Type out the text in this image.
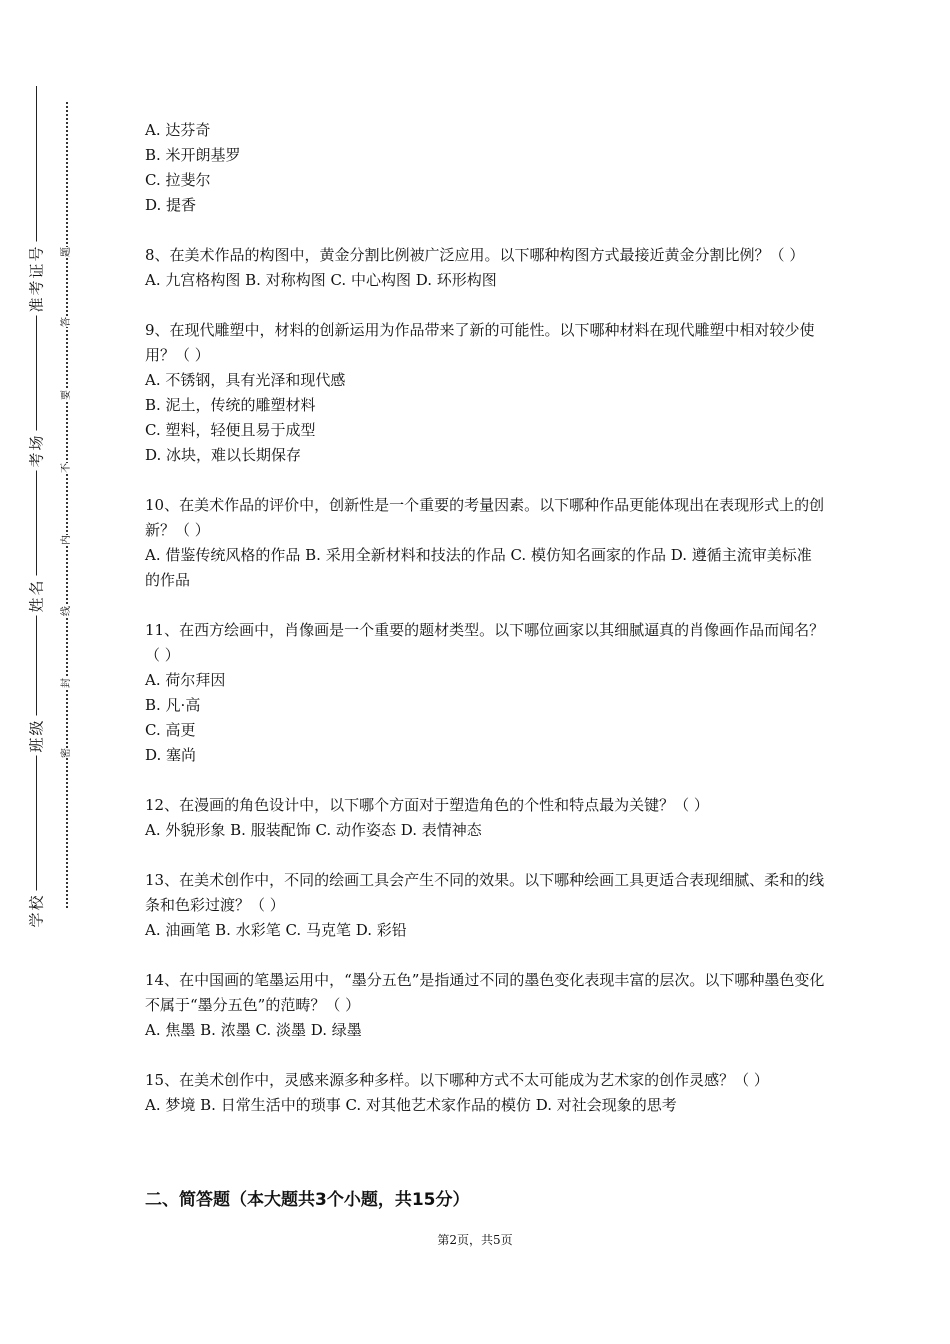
准考证号
考场
姓名
班级
学校
题
答
要
不
内
线
封
密

A. 达芬奇

B. 米开朗基罗

C. 拉斐尔

D. 提香

8、在美术作品的构图中，黄金分割比例被广泛应用。以下哪种构图方式最接近黄金分割比例？（ ）

A. 九宫格构图 B. 对称构图 C. 中心构图 D. 环形构图

9、在现代雕塑中，材料的创新运用为作品带来了新的可能性。以下哪种材料在现代雕塑中相对较少使用？（ ）

A. 不锈钢，具有光泽和现代感

B. 泥土，传统的雕塑材料

C. 塑料，轻便且易于成型

D. 冰块，难以长期保存

10、在美术作品的评价中，创新性是一个重要的考量因素。以下哪种作品更能体现出在表现形式上的创新？（ ）

A. 借鉴传统风格的作品 B. 采用全新材料和技法的作品 C. 模仿知名画家的作品 D. 遵循主流审美标准的作品

11、在西方绘画中，肖像画是一个重要的题材类型。以下哪位画家以其细腻逼真的肖像画作品而闻名？（ ）

A. 荷尔拜因

B. 凡·高

C. 高更

D. 塞尚

12、在漫画的角色设计中，以下哪个方面对于塑造角色的个性和特点最为关键？（ ）

A. 外貌形象 B. 服装配饰 C. 动作姿态 D. 表情神态

13、在美术创作中，不同的绘画工具会产生不同的效果。以下哪种绘画工具更适合表现细腻、柔和的线条和色彩过渡？（ ）

A. 油画笔 B. 水彩笔 C. 马克笔 D. 彩铅

14、在中国画的笔墨运用中，“墨分五色”是指通过不同的墨色变化表现丰富的层次。以下哪种墨色变化不属于“墨分五色”的范畴？（ ）

A. 焦墨 B. 浓墨 C. 淡墨 D. 绿墨

15、在美术创作中，灵感来源多种多样。以下哪种方式不太可能成为艺术家的创作灵感？（ ）

A. 梦境 B. 日常生活中的琐事 C. 对其他艺术家作品的模仿 D. 对社会现象的思考

二、简答题（本大题共3个小题，共15分）
第2页，共5页
